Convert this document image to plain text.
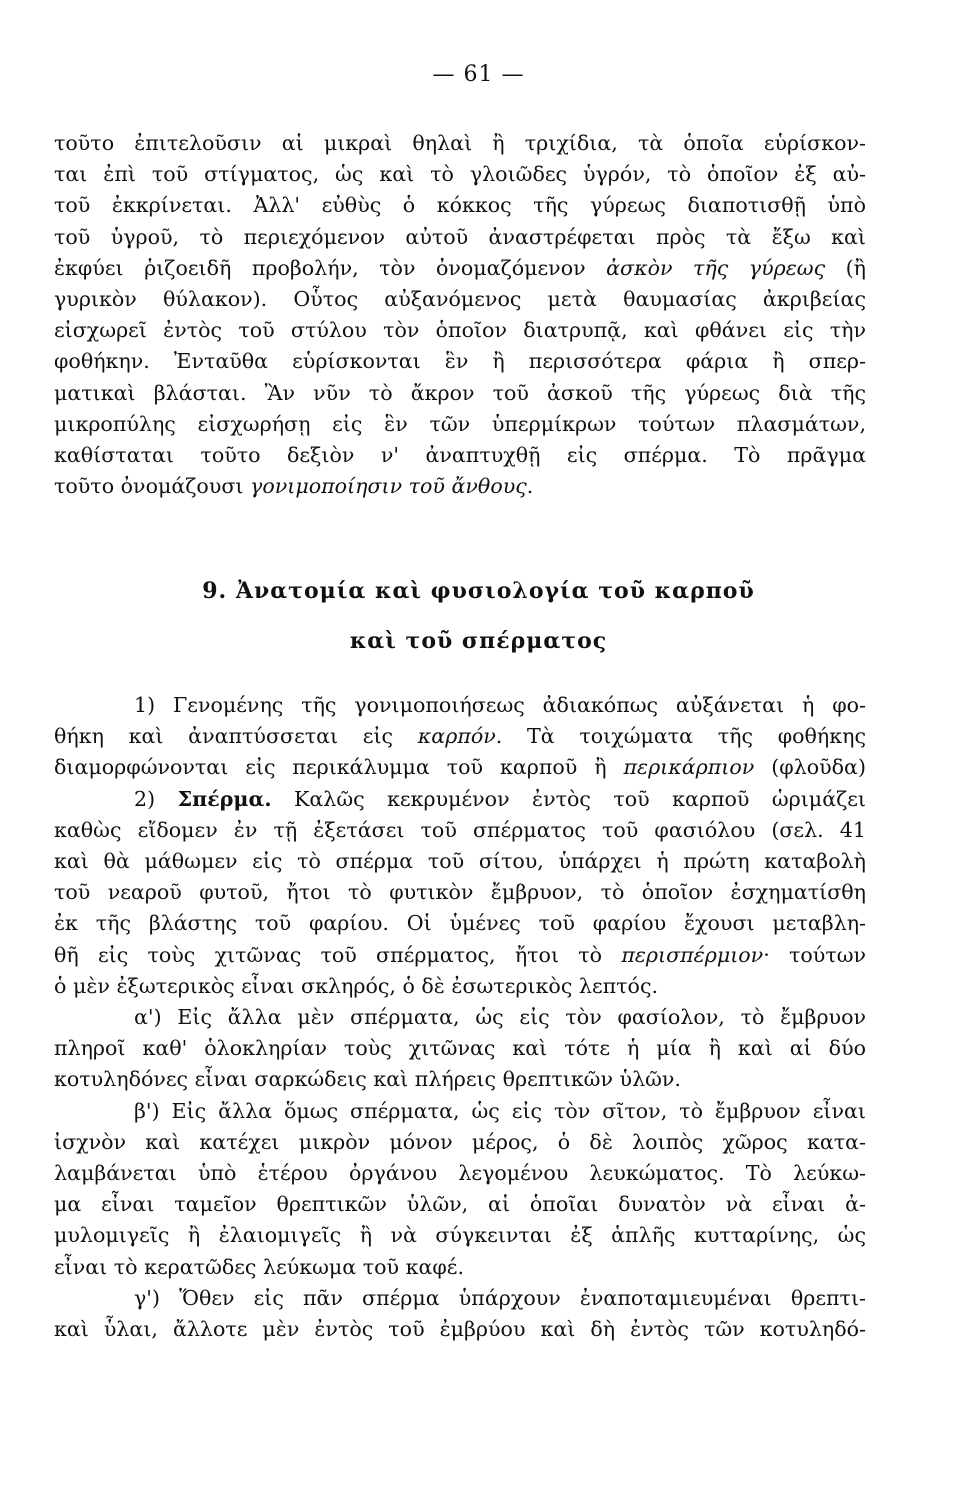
— 61 —
τοῦτο ἐπιτελοῦσιν αἱ μικραὶ θηλαὶ ἢ τριχίδια, τὰ ὁποῖα εὑρίσκον-
ται ἐπὶ τοῦ στίγματος, ὡς καὶ τὸ γλοιῶδες ὑγρόν, τὸ ὁποῖον ἐξ αὐ-
τοῦ ἐκκρίνεται. Ἀλλ' εὐθὺς ὁ κόκκος τῆς γύρεως διαποτισθῇ ὑπὸ
τοῦ ὑγροῦ, τὸ περιεχόμενον αὐτοῦ ἀναστρέφεται πρὸς τὰ ἔξω καὶ
ἐκφύει ῥιζοειδῆ προβολήν, τὸν ὀνομαζόμενον ἀσκὸν τῆς γύρεως (ἢ
γυρικὸν θύλακον). Οὗτος αὐξανόμενος μετὰ θαυμασίας ἀκριβείας
εἰσχωρεῖ ἐντὸς τοῦ στύλου τὸν ὁποῖον διατρυπᾷ, καὶ φθάνει εἰς τὴν
φοθήκην. Ἐνταῦθα εὑρίσκονται ἓν ἢ περισσότερα φάρια ἢ σπερ-
ματικαὶ βλάσται. Ἂν νῦν τὸ ἄκρον τοῦ ἀσκοῦ τῆς γύρεως διὰ τῆς
μικροπύλης εἰσχωρήσῃ εἰς ἓν τῶν ὑπερμίκρων τούτων πλασμάτων,
καθίσταται τοῦτο δεξιὸν ν' ἀναπτυχθῇ εἰς σπέρμα. Τὸ πρᾶγμα
τοῦτο ὀνομάζουσι γονιμοποίησιν τοῦ ἄνθους.
9. Ἀνατομία καὶ φυσιολογία τοῦ καρποῦ
καὶ τοῦ σπέρματος
1) Γενομένης τῆς γονιμοποιήσεως ἀδιακόπως αὐξάνεται ἡ φο-
θήκη καὶ ἀναπτύσσεται εἰς καρπόν. Τὰ τοιχώματα τῆς φοθήκης
διαμορφώνονται εἰς περικάλυμμα τοῦ καρποῦ ἢ περικάρπιον (φλοῦδα)
2) Σπέρμα. Καλῶς κεκρυμένον ἐντὸς τοῦ καρποῦ ὡριμάζει
καθὼς εἴδομεν ἐν τῇ ἐξετάσει τοῦ σπέρματος τοῦ φασιόλου (σελ. 41
καὶ θὰ μάθωμεν εἰς τὸ σπέρμα τοῦ σίτου, ὑπάρχει ἡ πρώτη καταβολὴ
τοῦ νεαροῦ φυτοῦ, ἤτοι τὸ φυτικὸν ἔμβρυον, τὸ ὁποῖον ἐσχηματίσθη
ἐκ τῆς βλάστης τοῦ φαρίου. Οἱ ὑμένες τοῦ φαρίου ἔχουσι μεταβλη-
θῆ εἰς τοὺς χιτῶνας τοῦ σπέρματος, ἤτοι τὸ περισπέρμιον· τούτων
ὁ μὲν ἐξωτερικὸς εἶναι σκληρός, ὁ δὲ ἐσωτερικὸς λεπτός.
α') Εἰς ἄλλα μὲν σπέρματα, ὡς εἰς τὸν φασίολον, τὸ ἔμβρυον
πληροῖ καθ' ὁλοκληρίαν τοὺς χιτῶνας καὶ τότε ἡ μία ἢ καὶ αἱ δύο
κοτυληδόνες εἶναι σαρκώδεις καὶ πλήρεις θρεπτικῶν ὑλῶν.
β') Εἰς ἄλλα ὅμως σπέρματα, ὡς εἰς τὸν σῖτον, τὸ ἔμβρυον εἶναι
ἰσχνὸν καὶ κατέχει μικρὸν μόνον μέρος, ὁ δὲ λοιπὸς χῶρος κατα-
λαμβάνεται ὑπὸ ἑτέρου ὀργάνου λεγομένου λευκώματος. Τὸ λεύκω-
μα εἶναι ταμεῖον θρεπτικῶν ὑλῶν, αἱ ὁποῖαι δυνατὸν νὰ εἶναι ἀ-
μυλομιγεῖς ἢ ἐλαιομιγεῖς ἢ νὰ σύγκεινται ἐξ ἁπλῆς κυτταρίνης, ὡς
εἶναι τὸ κερατῶδες λεύκωμα τοῦ καφέ.
γ') Ὅθεν εἰς πᾶν σπέρμα ὑπάρχουν ἐναποταμιευμέναι θρεπτι-
καὶ ὗλαι, ἄλλοτε μὲν ἐντὸς τοῦ ἐμβρύου καὶ δὴ ἐντὸς τῶν κοτυληδό-
